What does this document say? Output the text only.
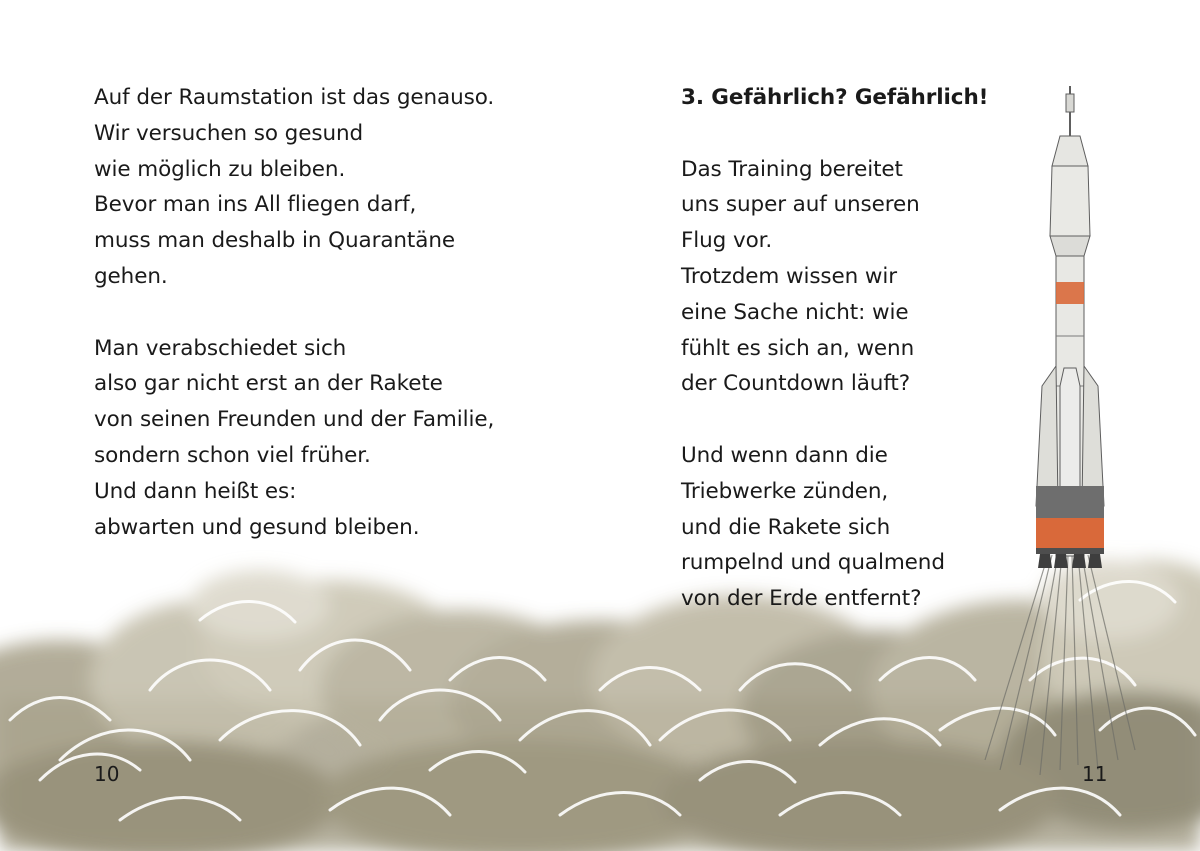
Auf der Raumstation ist das genauso.
Wir versuchen so gesund
wie möglich zu bleiben.
Bevor man ins All fliegen darf,
muss man deshalb in Quarantäne
gehen.
Man verabschiedet sich
also gar nicht erst an der Rakete
von seinen Freunden und der Familie,
sondern schon viel früher.
Und dann heißt es:
abwarten und gesund bleiben.
3. Gefährlich? Gefährlich!
Das Training bereitet
uns super auf unseren
Flug vor.
Trotzdem wissen wir
eine Sache nicht: wie
fühlt es sich an, wenn
der Countdown läuft?
Und wenn dann die
Triebwerke zünden,
und die Rakete sich
rumpelnd und qualmend
von der Erde entfernt?
10	11
